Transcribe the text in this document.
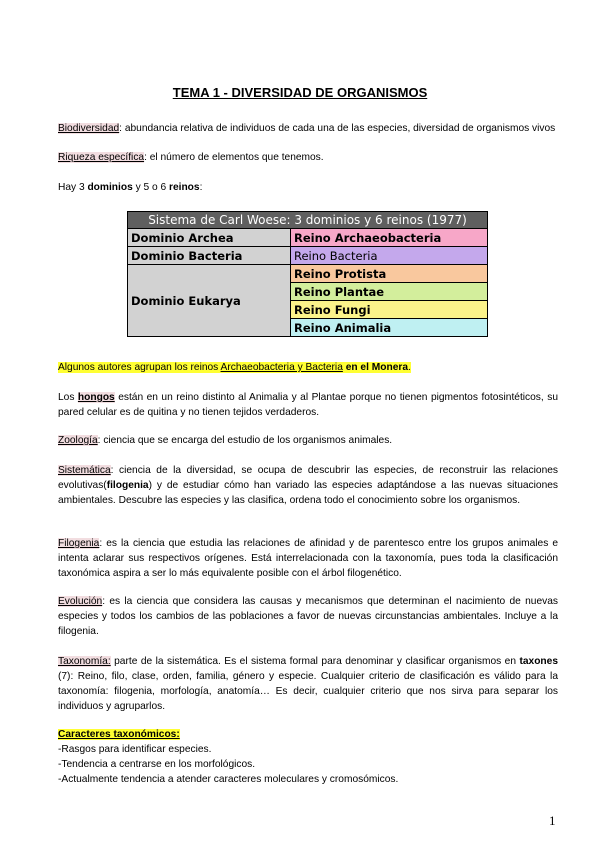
TEMA 1 - DIVERSIDAD DE ORGANISMOS
Biodiversidad: abundancia relativa de individuos de cada una de las especies, diversidad de organismos vivos
Riqueza específica: el número de elementos que tenemos.
Hay 3 dominios y 5 o 6 reinos:
Sistema de Carl Woese: 3 dominios y 6 reinos (1977)	
Dominio Archea	Reino Archaeobacteria
Dominio Bacteria	Reino Bacteria
Dominio Eukarya	Reino Protista
	Reino Plantae
	Reino Fungi
	Reino Animalia
Algunos autores agrupan los reinos Archaeobacteria y Bacteria en el Monera.
Los hongos están en un reino distinto al Animalia y al Plantae porque no tienen pigmentos fotosintéticos, su pared celular es de quitina y no tienen tejidos verdaderos.
Zoología: ciencia que se encarga del estudio de los organismos animales.
Sistemática: ciencia de la diversidad, se ocupa de descubrir las especies, de reconstruir las relaciones evolutivas(filogenia) y de estudiar cómo han variado las especies adaptándose a las nuevas situaciones ambientales. Descubre las especies y las clasifica, ordena todo el conocimiento sobre los organismos.
Filogenia: es la ciencia que estudia las relaciones de afinidad y de parentesco entre los grupos animales e intenta aclarar sus respectivos orígenes. Está interrelacionada con la taxonomía, pues toda la clasificación taxonómica aspira a ser lo más equivalente posible con el árbol filogenético.
Evolución: es la ciencia que considera las causas y mecanismos que determinan el nacimiento de nuevas especies y todos los cambios de las poblaciones a favor de nuevas circunstancias ambientales. Incluye a la filogenia.
Taxonomía: parte de la sistemática. Es el sistema formal para denominar y clasificar organismos en taxones (7): Reino, filo, clase, orden, familia, género y especie. Cualquier criterio de clasificación es válido para la taxonomía: filogenia, morfología, anatomía… Es decir, cualquier criterio que nos sirva para separar los individuos y agruparlos.
Caracteres taxonómicos:
-Rasgos para identificar especies.
-Tendencia a centrarse en los morfológicos.
-Actualmente tendencia a atender caracteres moleculares y cromosómicos.
1
